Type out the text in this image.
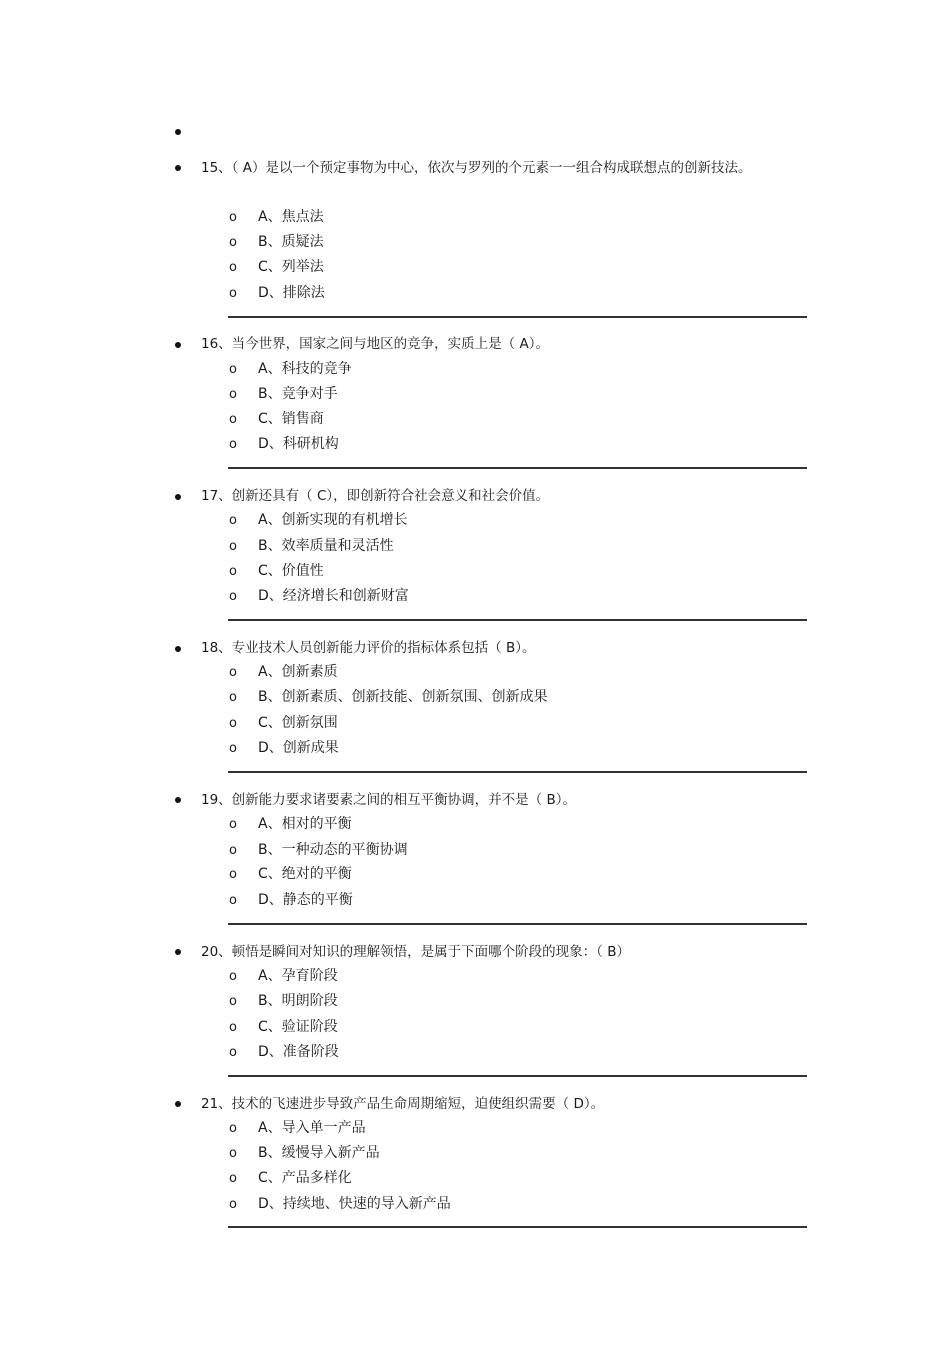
15、（ A）是以一个预定事物为中心，依次与罗列的个元素一一组合构成联想点的创新技法。
o A、焦点法
o B、质疑法
o C、列举法
o D、排除法
16、当今世界，国家之间与地区的竞争，实质上是（ A）。
o A、科技的竞争
o B、竞争对手
o C、销售商
o D、科研机构
17、创新还具有（ C），即创新符合社会意义和社会价值。
o A、创新实现的有机增长
o B、效率质量和灵活性
o C、价值性
o D、经济增长和创新财富
18、专业技术人员创新能力评价的指标体系包括（ B）。
o A、创新素质
o B、创新素质、创新技能、创新氛围、创新成果
o C、创新氛围
o D、创新成果
19、创新能力要求诸要素之间的相互平衡协调，并不是（ B）。
o A、相对的平衡
o B、一种动态的平衡协调
o C、绝对的平衡
o D、静态的平衡
20、顿悟是瞬间对知识的理解领悟，是属于下面哪个阶段的现象：（ B）
o A、孕育阶段
o B、明朗阶段
o C、验证阶段
o D、准备阶段
21、技术的飞速进步导致产品生命周期缩短，迫使组织需要（ D）。
o A、导入单一产品
o B、缓慢导入新产品
o C、产品多样化
o D、持续地、快速的导入新产品
